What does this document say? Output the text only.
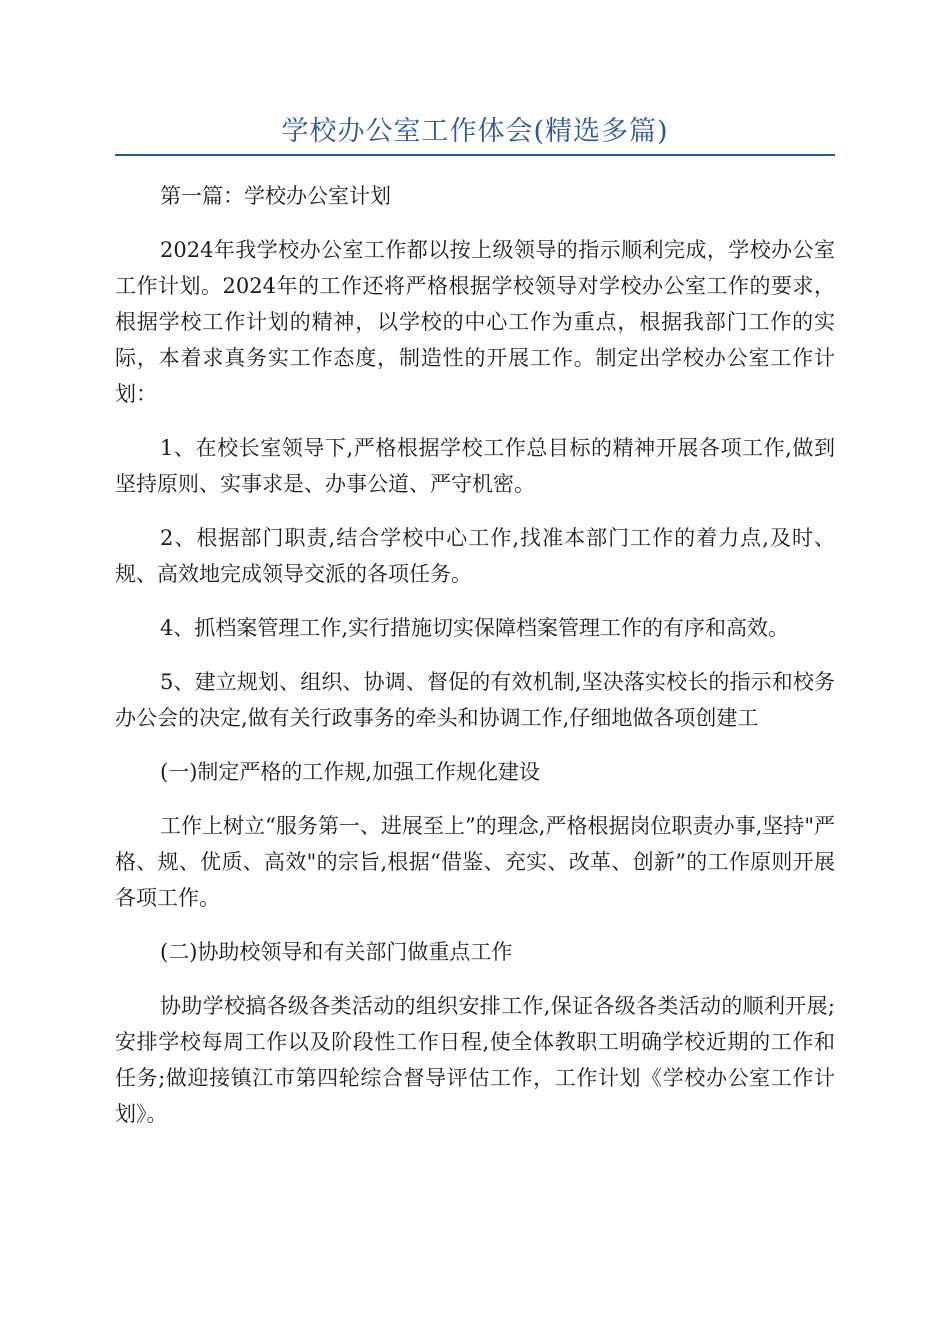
学校办公室工作体会(精选多篇)

第一篇：学校办公室计划

2024年我学校办公室工作都以按上级领导的指示顺利完成，学校办公室工作计划。2024年的工作还将严格根据学校领导对学校办公室工作的要求，根据学校工作计划的精神，以学校的中心工作为重点，根据我部门工作的实际，本着求真务实工作态度，制造性的开展工作。制定出学校办公室工作计划：

1、在校长室领导下,严格根据学校工作总目标的精神开展各项工作,做到坚持原则、实事求是、办事公道、严守机密。

2、根据部门职责,结合学校中心工作,找准本部门工作的着力点,及时、规、高效地完成领导交派的各项任务。

4、抓档案管理工作,实行措施切实保障档案管理工作的有序和高效。

5、建立规划、组织、协调、督促的有效机制,坚决落实校长的指示和校务办公会的决定,做有关行政事务的牵头和协调工作,仔细地做各项创建工

(一)制定严格的工作规,加强工作规化建设

工作上树立“服务第一、进展至上”的理念,严格根据岗位职责办事,坚持"严格、规、优质、高效"的宗旨,根据“借鉴、充实、改革、创新”的工作原则开展各项工作。

(二)协助校领导和有关部门做重点工作

协助学校搞各级各类活动的组织安排工作,保证各级各类活动的顺利开展;安排学校每周工作以及阶段性工作日程,使全体教职工明确学校近期的工作和任务;做迎接镇江市第四轮综合督导评估工作，工作计划《学校办公室工作计划》。
